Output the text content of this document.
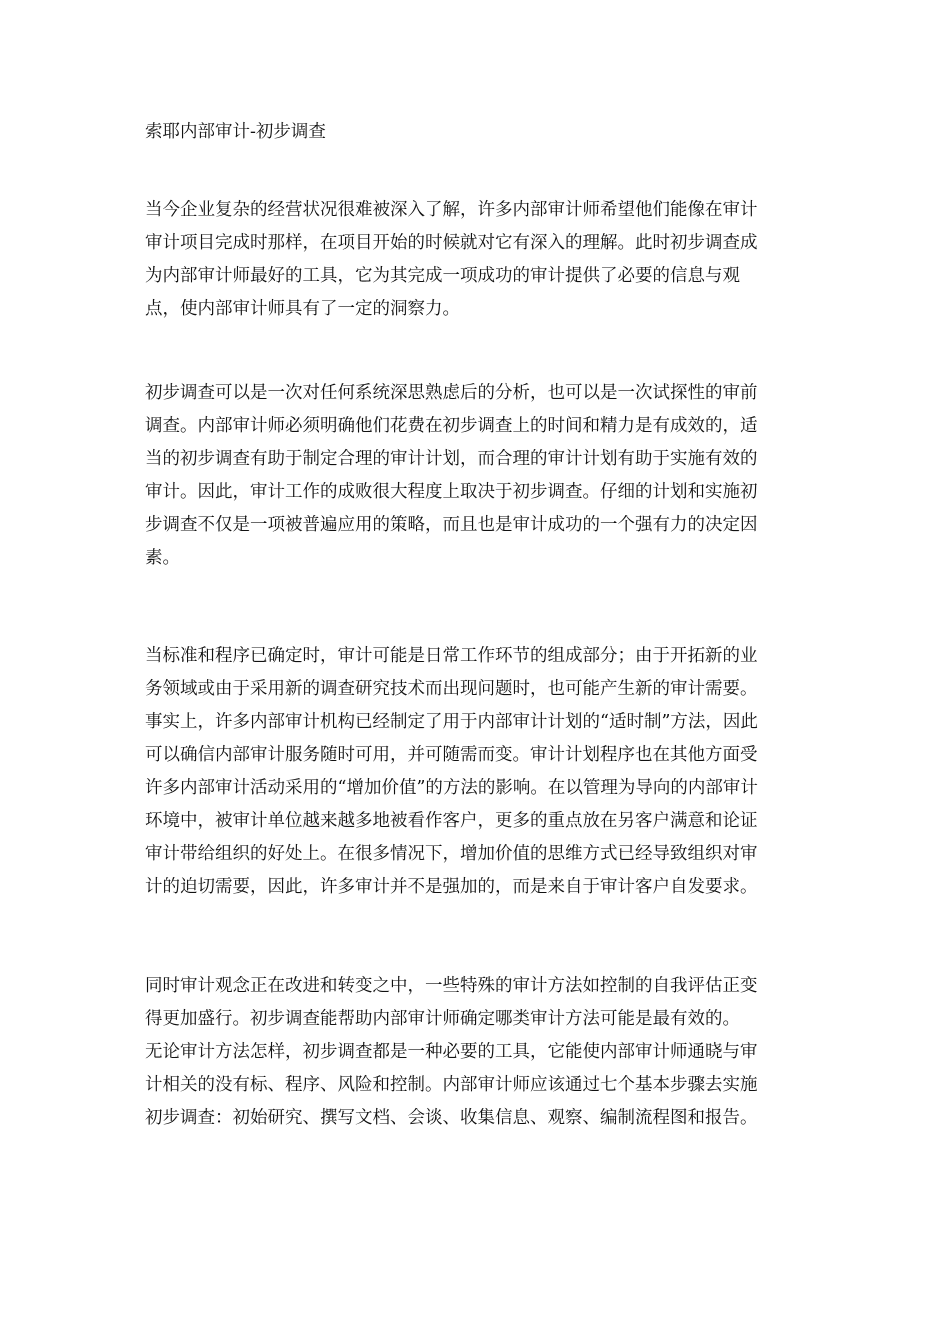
索耶内部审计-初步调查
当今企业复杂的经营状况很难被深入了解，许多内部审计师希望他们能像在审计
审计项目完成时那样，在项目开始的时候就对它有深入的理解。此时初步调查成
为内部审计师最好的工具，它为其完成一项成功的审计提供了必要的信息与观
点，使内部审计师具有了一定的洞察力。
初步调查可以是一次对任何系统深思熟虑后的分析，也可以是一次试探性的审前
调查。内部审计师必须明确他们花费在初步调查上的时间和精力是有成效的，适
当的初步调查有助于制定合理的审计计划，而合理的审计计划有助于实施有效的
审计。因此，审计工作的成败很大程度上取决于初步调查。仔细的计划和实施初
步调查不仅是一项被普遍应用的策略，而且也是审计成功的一个强有力的决定因
素。
当标准和程序已确定时，审计可能是日常工作环节的组成部分；由于开拓新的业
务领域或由于采用新的调查研究技术而出现问题时，也可能产生新的审计需要。
事实上，许多内部审计机构已经制定了用于内部审计计划的“适时制”方法，因此
可以确信内部审计服务随时可用，并可随需而变。审计计划程序也在其他方面受
许多内部审计活动采用的“增加价值”的方法的影响。在以管理为导向的内部审计
环境中，被审计单位越来越多地被看作客户，更多的重点放在另客户满意和论证
审计带给组织的好处上。在很多情况下，增加价值的思维方式已经导致组织对审
计的迫切需要，因此，许多审计并不是强加的，而是来自于审计客户自发要求。
同时审计观念正在改进和转变之中，一些特殊的审计方法如控制的自我评估正变
得更加盛行。初步调查能帮助内部审计师确定哪类审计方法可能是最有效的。
无论审计方法怎样，初步调查都是一种必要的工具，它能使内部审计师通晓与审
计相关的没有标、程序、风险和控制。内部审计师应该通过七个基本步骤去实施
初步调查：初始研究、撰写文档、会谈、收集信息、观察、编制流程图和报告。
